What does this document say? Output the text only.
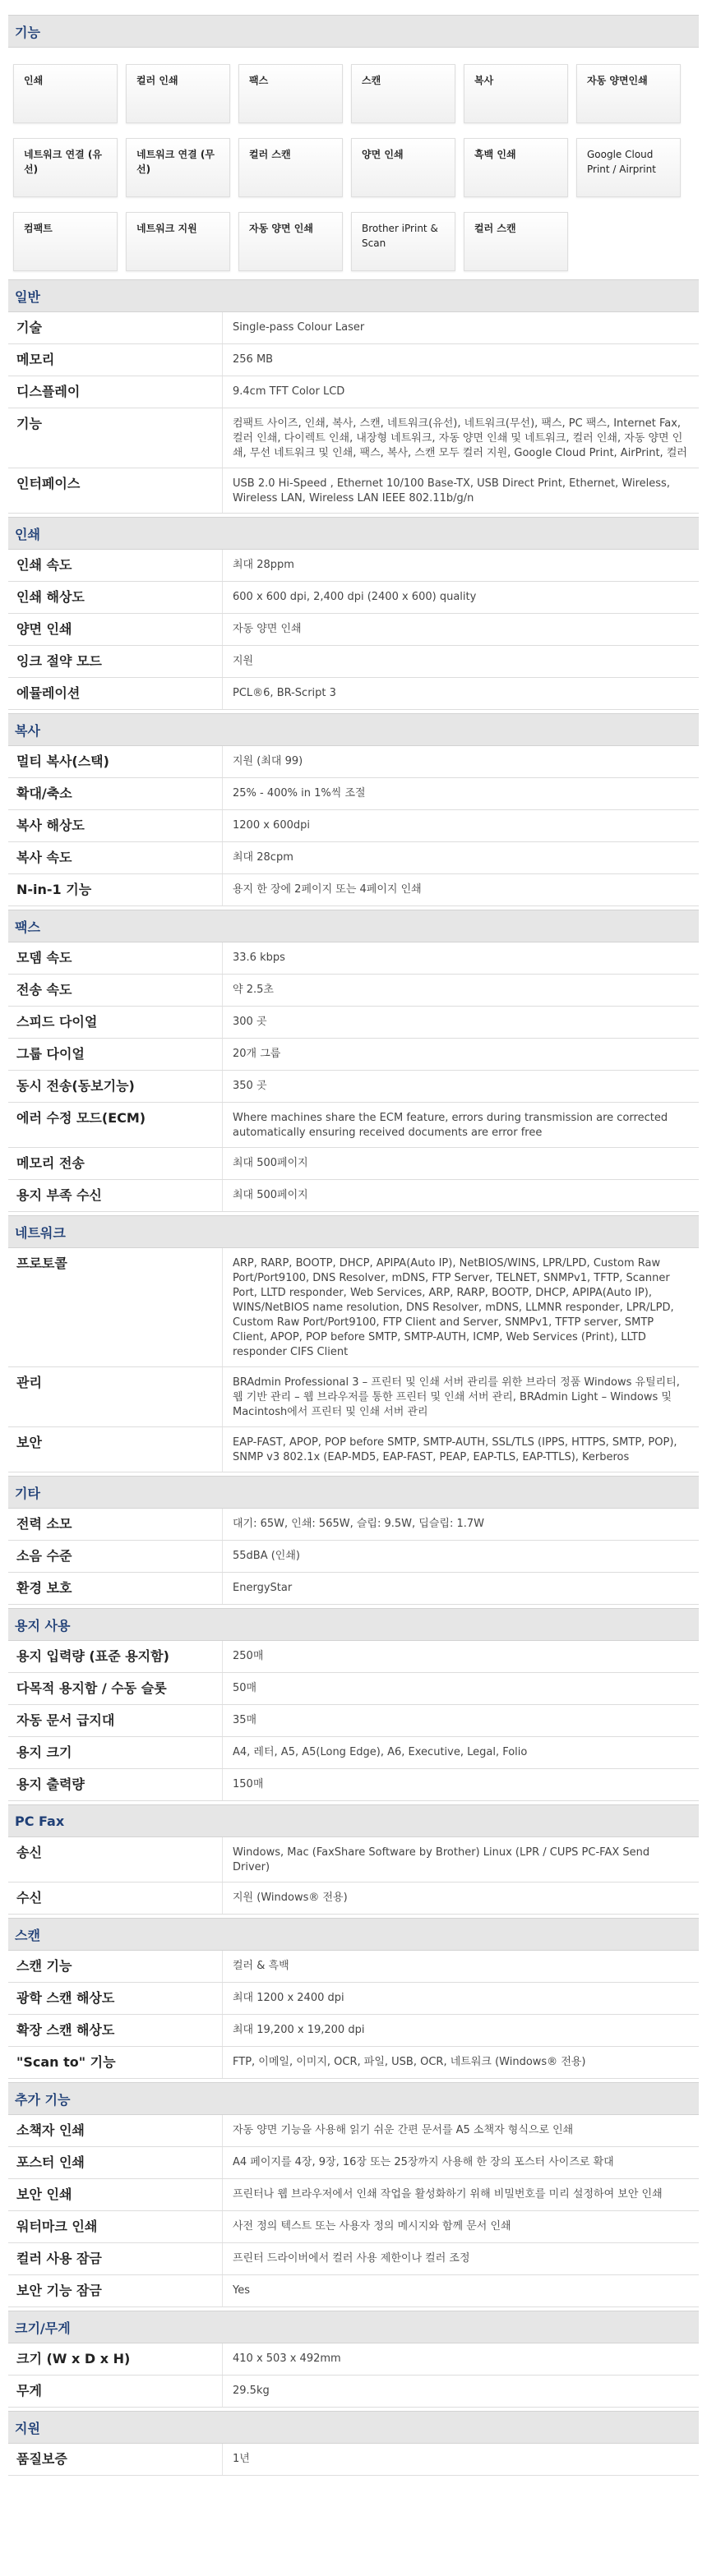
기능
인쇄	컬러 인쇄	팩스	스캔	복사	자동 양면인쇄
네트워크 연결 (유선)
네트워크 연결 (무선)
컬러 스캔	양면 인쇄	흑백 인쇄	Google Cloud Print / Airprint
컴팩트	네트워크 지원	자동 양면 인쇄	Brother iPrint & Scan
컬러 스캔
일반
기술	Single-pass Colour Laser
메모리	256 MB
디스플레이	9.4cm TFT Color LCD
기능	컴팩트 사이즈, 인쇄, 복사, 스캔, 네트워크(유선), 네트워크(무선), 팩스, PC 팩스, Internet Fax, 컬러 인쇄, 다이렉트 인쇄, 내장형 네트워크, 자동 양면 인쇄 및 네트워크, 컬러 인쇄, 자동 양면 인쇄, 무선 네트워크 및 인쇄, 팩스, 복사, 스캔 모두 컬러 지원, Google Cloud Print, AirPrint, 컬러
인터페이스	USB 2.0 Hi-Speed , Ethernet 10/100 Base-TX, USB Direct Print, Ethernet, Wireless, Wireless LAN, Wireless LAN IEEE 802.11b/g/n
인쇄
인쇄 속도	최대 28ppm
인쇄 해상도	600 x 600 dpi, 2,400 dpi (2400 x 600) quality
양면 인쇄	자동 양면 인쇄
잉크 절약 모드	지원
에뮬레이션	PCL®6, BR-Script 3
복사
멀티 복사(스택)	지원 (최대 99)
확대/축소	25% - 400% in 1%씩 조절
복사 해상도	1200 x 600dpi
복사 속도	최대 28cpm
N-in-1 기능	용지 한 장에 2페이지 또는 4페이지 인쇄
팩스
모뎀 속도	33.6 kbps
전송 속도	약 2.5초
스피드 다이얼	300 곳
그룹 다이얼	20개 그룹
동시 전송(동보기능)	350 곳
에러 수정 모드(ECM)	Where machines share the ECM feature, errors during transmission are corrected automatically ensuring received documents are error free
메모리 전송	최대 500페이지
용지 부족 수신	최대 500페이지
네트워크
프로토콜	ARP, RARP, BOOTP, DHCP, APIPA(Auto IP), NetBIOS/WINS, LPR/LPD, Custom Raw Port/Port9100, DNS Resolver, mDNS, FTP Server, TELNET, SNMPv1, TFTP, Scanner Port, LLTD responder, Web Services, ARP, RARP, BOOTP, DHCP, APIPA(Auto IP), WINS/NetBIOS name resolution, DNS Resolver, mDNS, LLMNR responder, LPR/LPD, Custom Raw Port/Port9100, FTP Client and Server, SNMPv1, TFTP server, SMTP Client, APOP, POP before SMTP, SMTP-AUTH, ICMP, Web Services (Print), LLTD responder CIFS Client
관리	BRAdmin Professional 3 – 프린터 및 인쇄 서버 관리를 위한 브라더 정품 Windows 유틸리티, 웹 기반 관리 – 웹 브라우저를 통한 프린터 및 인쇄 서버 관리, BRAdmin Light – Windows 및 Macintosh에서 프린터 및 인쇄 서버 관리
보안	EAP-FAST, APOP, POP before SMTP, SMTP-AUTH, SSL/TLS (IPPS, HTTPS, SMTP, POP), SNMP v3 802.1x (EAP-MD5, EAP-FAST, PEAP, EAP-TLS, EAP-TTLS), Kerberos
기타
전력 소모	대기: 65W, 인쇄: 565W, 슬립: 9.5W, 딥슬립: 1.7W
소음 수준	55dBA (인쇄)
환경 보호	EnergyStar
용지 사용
용지 입력량 (표준 용지함)	250매
다목적 용지함 / 수동 슬롯	50매
자동 문서 급지대	35매
용지 크기	A4, 레터, A5, A5(Long Edge), A6, Executive, Legal, Folio
용지 출력량	150매
PC Fax
송신	Windows, Mac (FaxShare Software by Brother) Linux (LPR / CUPS PC-FAX Send Driver)
수신	지원 (Windows® 전용)
스캔
스캔 기능	컬러 & 흑백
광학 스캔 해상도	최대 1200 x 2400 dpi
확장 스캔 해상도	최대 19,200 x 19,200 dpi
"Scan to" 기능	FTP, 이메일, 이미지, OCR, 파일, USB, OCR, 네트워크 (Windows® 전용)
추가 기능
소책자 인쇄	자동 양면 기능을 사용해 읽기 쉬운 간편 문서를 A5 소책자 형식으로 인쇄
포스터 인쇄	A4 페이지를 4장, 9장, 16장 또는 25장까지 사용해 한 장의 포스터 사이즈로 확대
보안 인쇄	프린터나 웹 브라우저에서 인쇄 작업을 활성화하기 위해 비밀번호를 미리 설정하여 보안 인쇄
워터마크 인쇄	사전 정의 텍스트 또는 사용자 정의 메시지와 함께 문서 인쇄
컬러 사용 잠금	프린터 드라이버에서 컬러 사용 제한이나 컬러 조정
보안 기능 잠금	Yes
크기/무게
크기 (W x D x H)	410 x 503 x 492mm
무게	29.5kg
지원
품질보증	1년
